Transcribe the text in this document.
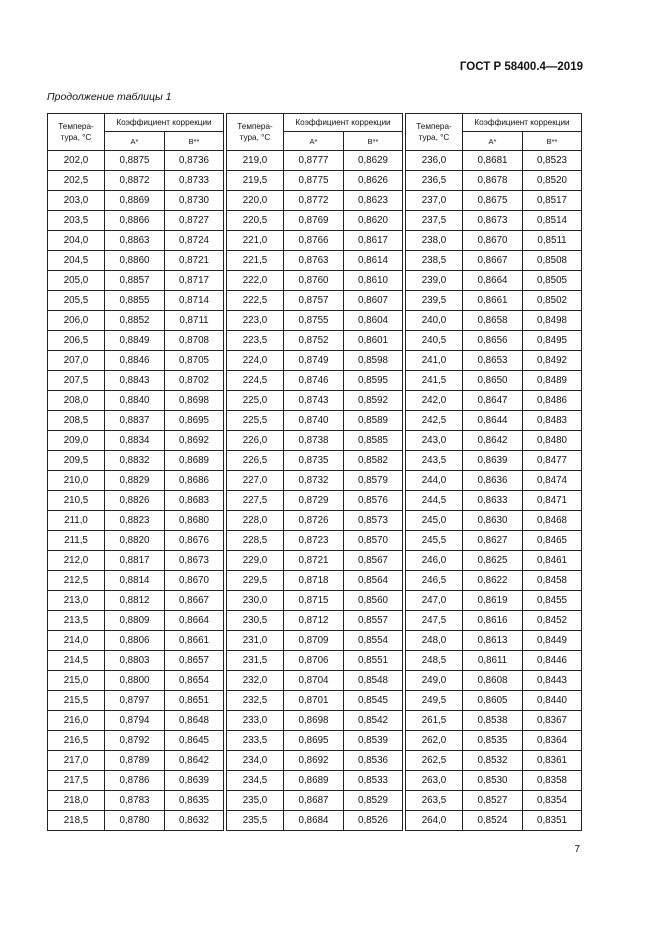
ГОСТ Р 58400.4—2019
Продолжение таблицы 1
Темпера-
тура, °С	Коэффициент коррекции	
	A*	B**
202,0	0,8875	0,8736
202,5	0,8872	0,8733
203,0	0,8869	0,8730
203,5	0,8866	0,8727
204,0	0,8863	0,8724
204,5	0,8860	0,8721
205,0	0,8857	0,8717
205,5	0,8855	0,8714
206,0	0,8852	0,8711
206,5	0,8849	0,8708
207,0	0,8846	0,8705
207,5	0,8843	0,8702
208,0	0,8840	0,8698
208,5	0,8837	0,8695
209,0	0,8834	0,8692
209,5	0,8832	0,8689
210,0	0,8829	0,8686
210,5	0,8826	0,8683
211,0	0,8823	0,8680
211,5	0,8820	0,8676
212,0	0,8817	0,8673
212,5	0,8814	0,8670
213,0	0,8812	0,8667
213,5	0,8809	0,8664
214,0	0,8806	0,8661
214,5	0,8803	0,8657
215,0	0,8800	0,8654
215,5	0,8797	0,8651
216,0	0,8794	0,8648
216,5	0,8792	0,8645
217,0	0,8789	0,8642
217,5	0,8786	0,8639
218,0	0,8783	0,8635
218,5	0,8780	0,8632
Темпера-
тура, °С	Коэффициент коррекции	
	A*	B**
219,0	0,8777	0,8629
219,5	0,8775	0,8626
220,0	0,8772	0,8623
220,5	0,8769	0,8620
221,0	0,8766	0,8617
221,5	0,8763	0,8614
222,0	0,8760	0,8610
222,5	0,8757	0,8607
223,0	0,8755	0,8604
223,5	0,8752	0,8601
224,0	0,8749	0,8598
224,5	0,8746	0,8595
225,0	0,8743	0,8592
225,5	0,8740	0,8589
226,0	0,8738	0,8585
226,5	0,8735	0,8582
227,0	0,8732	0,8579
227,5	0,8729	0,8576
228,0	0,8726	0,8573
228,5	0,8723	0,8570
229,0	0,8721	0,8567
229,5	0,8718	0,8564
230,0	0,8715	0,8560
230,5	0,8712	0,8557
231,0	0,8709	0,8554
231,5	0,8706	0,8551
232,0	0,8704	0,8548
232,5	0,8701	0,8545
233,0	0,8698	0,8542
233,5	0,8695	0,8539
234,0	0,8692	0,8536
234,5	0,8689	0,8533
235,0	0,8687	0,8529
235,5	0,8684	0,8526
Темпера-
тура, °С	Коэффициент коррекции	
	A*	B**
236,0	0,8681	0,8523
236,5	0,8678	0,8520
237,0	0,8675	0,8517
237,5	0,8673	0,8514
238,0	0,8670	0,8511
238,5	0,8667	0,8508
239,0	0,8664	0,8505
239,5	0,8661	0,8502
240,0	0,8658	0,8498
240,5	0,8656	0,8495
241,0	0,8653	0,8492
241,5	0,8650	0,8489
242,0	0,8647	0,8486
242,5	0,8644	0,8483
243,0	0,8642	0,8480
243,5	0,8639	0,8477
244,0	0,8636	0,8474
244,5	0,8633	0,8471
245,0	0,8630	0,8468
245,5	0,8627	0,8465
246,0	0,8625	0,8461
246,5	0,8622	0,8458
247,0	0,8619	0,8455
247,5	0,8616	0,8452
248,0	0,8613	0,8449
248,5	0,8611	0,8446
249,0	0,8608	0,8443
249,5	0,8605	0,8440
261,5	0,8538	0,8367
262,0	0,8535	0,8364
262,5	0,8532	0,8361
263,0	0,8530	0,8358
263,5	0,8527	0,8354
264,0	0,8524	0,8351
7
